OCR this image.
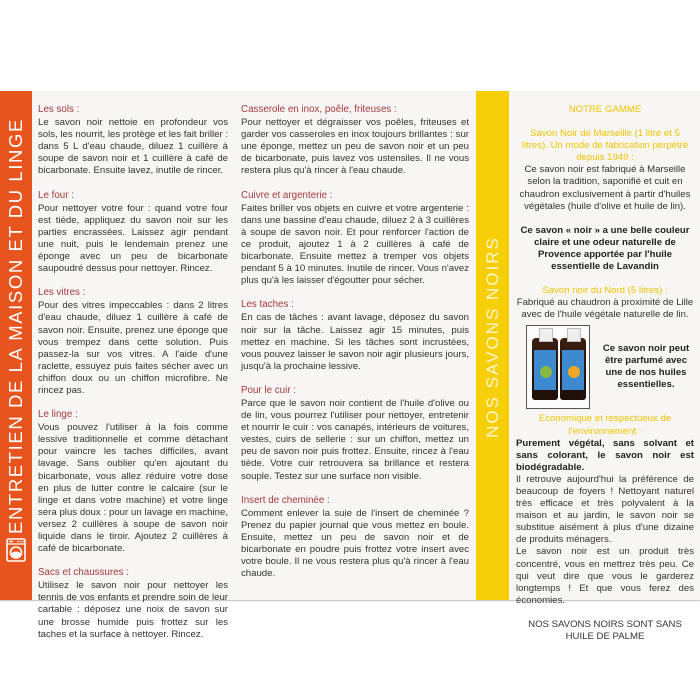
ENTRETIEN DE LA MAISON ET DU LINGE
Les sols :

Le savon noir nettoie en profondeur vos sols, les nourrit, les protège et les fait briller : dans 5 L d'eau chaude, diluez 1 cuillère à soupe de savon noir et 1 cuillère à café de bicarbonate. Ensuite lavez, inutile de rincer.

Le four :

Pour nettoyer votre four : quand votre four est tiède, appliquez du savon noir sur les parties encrassées. Laissez agir pendant une nuit, puis le lendemain prenez une éponge avec un peu de bicarbonate saupoudré dessus pour nettoyer. Rincez.

Les vitres :

Pour des vitres impeccables : dans 2 litres d'eau chaude, diluez 1 cuillère à café de savon noir. Ensuite, prenez une éponge que vous trempez dans cette solution. Puis passez-la sur vos vitres. A l'aide d'une raclette, essuyez puis faites sécher avec un chiffon doux ou un chiffon microfibre. Ne rincez pas.

Le linge :

Vous pouvez l'utiliser à la fois comme lessive traditionnelle et comme détachant pour vaincre les taches difficiles, avant lavage. Sans oublier qu'en ajoutant du bicarbonate, vous allez réduire votre dose en plus de lutter contre le calcaire (sur le linge et dans votre machine) et votre linge sera plus doux : pour un lavage en machine, versez 2 cuillères à soupe de savon noir liquide dans le tiroir. Ajoutez 2 cuillères à café de bicarbonate.

Sacs et chaussures :

Utilisez le savon noir pour nettoyer les tennis de vos enfants et prendre soin de leur cartable : déposez une noix de savon sur une brosse humide puis frottez sur les taches et la surface à nettoyer. Rincez.

Casserole en inox, poêle, friteuses :

Pour nettoyer et dégraisser vos poêles, friteuses et garder vos casseroles en inox toujours brillantes : sur une éponge, mettez un peu de savon noir et un peu de bicarbonate, puis lavez vos ustensiles. Il ne vous restera plus qu'à rincer à l'eau chaude.

Cuivre et argenterie :

Faites briller vos objets en cuivre et votre argenterie : dans une bassine d'eau chaude, diluez 2 à 3 cuillères à soupe de savon noir. Et pour renforcer l'action de ce produit, ajoutez 1 à 2 cuillères à café de bicarbonate. Ensuite mettez à tremper vos objets pendant 5 à 10 minutes. Inutile de rincer. Vous n'avez plus qu'à les laisser d'égoutter pour sécher.

Les taches :

En cas de tâches : avant lavage, déposez du savon noir sur la tâche. Laissez agir 15 minutes, puis mettez en machine. Si les tâches sont incrustées, vous pouvez laisser le savon noir agir plusieurs jours, jusqu'à la prochaine lessive.

Pour le cuir :

Parce que le savon noir contient de l'huile d'olive ou de lin, vous pourrez l'utiliser pour nettoyer, entretenir et nourrir le cuir : vos canapés, intérieurs de voitures, vestes, cuirs de sellerie : sur un chiffon, mettez un peu de savon noir puis frottez. Ensuite, rincez à l'eau tiède. Votre cuir retrouvera sa brillance et restera souple. Testez sur une surface non visible.

Insert de cheminée :

Comment enlever la suie de l'insert de cheminée ? Prenez du papier journal que vous mettez en boule. Ensuite, mettez un peu de savon noir et de bicarbonate en poudre puis frottez votre insert avec votre boule. Il ne vous restera plus qu'à rincer à l'eau chaude.

NOS SAVONS NOIRS
NOTRE GAMME
Savon Noir de Marseille (1 litre et 5 litres). Un mode de fabrication perpétré depuis 1949 :

Ce savon noir est fabriqué à Marseille selon la tradition, saponifié et cuit en chaudron exclusivement à partir d'huiles végétales (huile d'olive et huile de lin).

Ce savon « noir » a une belle couleur claire et une odeur naturelle de Provence apportée par l'huile essentielle de Lavandin

Savon noir du Nord (5 litres) :

Fabriqué au chaudron à proximité de Lille avec de l'huile végétale naturelle de lin.

Ce savon noir peut être parfumé avec une de nos huiles essentielles.
Economique et respectueux de l'environnement :

Purement végétal, sans solvant et sans colorant, le savon noir est biodégradable.

Il retrouve aujourd'hui la préférence de beaucoup de foyers ! Nettoyant naturel très efficace et très polyvalent à la maison et au jardin, le savon noir se substitue aisément à plus d'une dizaine de produits ménagers.

Le savon noir est un produit très concentré, vous en mettrez très peu. Ce qui veut dire que vous le garderez longtemps ! Et que vous ferez des économies.

NOS SAVONS NOIRS SONT SANS HUILE DE PALME
